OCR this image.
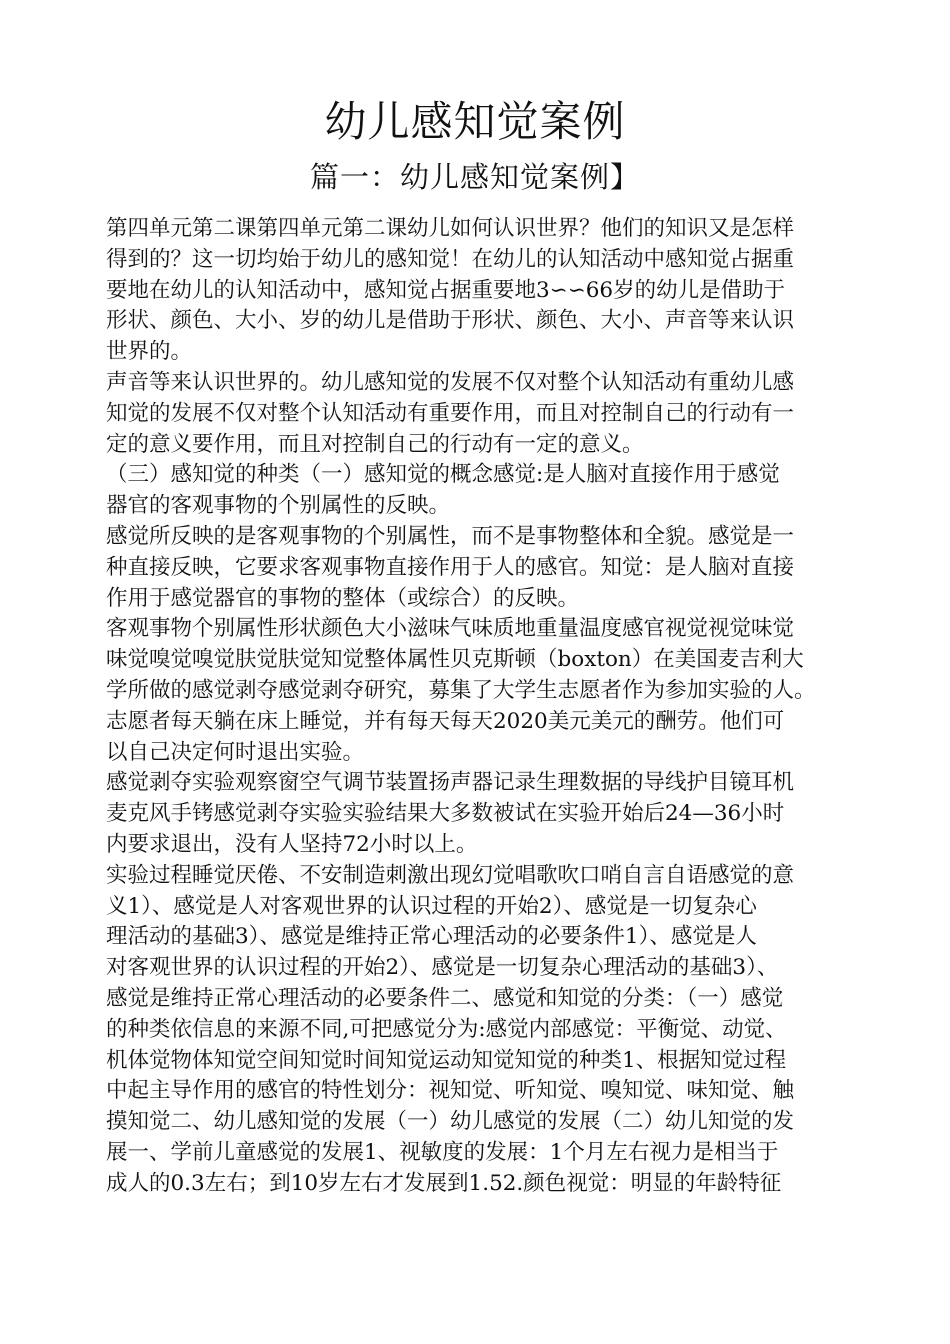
幼儿感知觉案例
篇一：幼儿感知觉案例】
第四单元第二课第四单元第二课幼儿如何认识世界？他们的知识又是怎样
得到的？这一切均始于幼儿的感知觉！在幼儿的认知活动中感知觉占据重
要地在幼儿的认知活动中，感知觉占据重要地3∽∽66岁的幼儿是借助于
形状、颜色、大小、岁的幼儿是借助于形状、颜色、大小、声音等来认识
世界的。
声音等来认识世界的。幼儿感知觉的发展不仅对整个认知活动有重幼儿感
知觉的发展不仅对整个认知活动有重要作用，而且对控制自己的行动有一
定的意义要作用，而且对控制自己的行动有一定的意义。
（三）感知觉的种类（一）感知觉的概念感觉:是人脑对直接作用于感觉
器官的客观事物的个别属性的反映。
感觉所反映的是客观事物的个别属性，而不是事物整体和全貌。感觉是一
种直接反映，它要求客观事物直接作用于人的感官。知觉：是人脑对直接
作用于感觉器官的事物的整体（或综合）的反映。
客观事物个别属性形状颜色大小滋味气味质地重量温度感官视觉视觉味觉
味觉嗅觉嗅觉肤觉肤觉知觉整体属性贝克斯顿（boxton）在美国麦吉利大
学所做的感觉剥夺感觉剥夺研究，募集了大学生志愿者作为参加实验的人。
志愿者每天躺在床上睡觉，并有每天每天2020美元美元的酬劳。他们可
以自己决定何时退出实验。
感觉剥夺实验观察窗空气调节装置扬声器记录生理数据的导线护目镜耳机
麦克风手铐感觉剥夺实验实验结果大多数被试在实验开始后24—36小时
内要求退出，没有人坚持72小时以上。
实验过程睡觉厌倦、不安制造刺激出现幻觉唱歌吹口哨自言自语感觉的意
义1）、感觉是人对客观世界的认识过程的开始2）、感觉是一切复杂心
理活动的基础3）、感觉是维持正常心理活动的必要条件1）、感觉是人
对客观世界的认识过程的开始2）、感觉是一切复杂心理活动的基础3）、
感觉是维持正常心理活动的必要条件二、感觉和知觉的分类：（一）感觉
的种类依信息的来源不同,可把感觉分为:感觉内部感觉：平衡觉、动觉、
机体觉物体知觉空间知觉时间知觉运动知觉知觉的种类1、根据知觉过程
中起主导作用的感官的特性划分：视知觉、听知觉、嗅知觉、味知觉、触
摸知觉二、幼儿感知觉的发展（一）幼儿感觉的发展（二）幼儿知觉的发
展一、学前儿童感觉的发展1、视敏度的发展：1个月左右视力是相当于
成人的0.3左右；到10岁左右才发展到1.52.颜色视觉：明显的年龄特征
